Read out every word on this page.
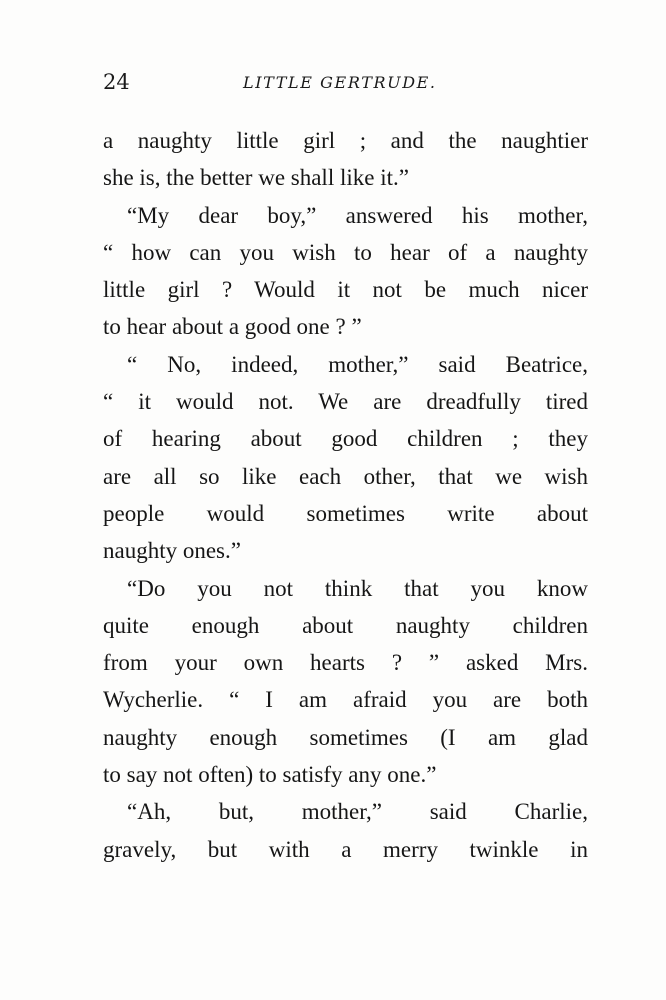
24	LITTLE GERTRUDE.
a naughty little girl ; and the naughtier
she is, the better we shall like it.”
“My dear boy,” answered his mother,
“ how can you wish to hear of a naughty
little girl ? Would it not be much nicer
to hear about a good one ? ”
“ No, indeed, mother,” said Beatrice,
“ it would not. We are dreadfully tired
of hearing about good children ; they
are all so like each other, that we wish
people would sometimes write about
naughty ones.”
“Do you not think that you know
quite enough about naughty children
from your own hearts ? ” asked Mrs.
Wycherlie. “ I am afraid you are both
naughty enough sometimes (I am glad
to say not often) to satisfy any one.”
“Ah, but, mother,” said Charlie,
gravely, but with a merry twinkle in
